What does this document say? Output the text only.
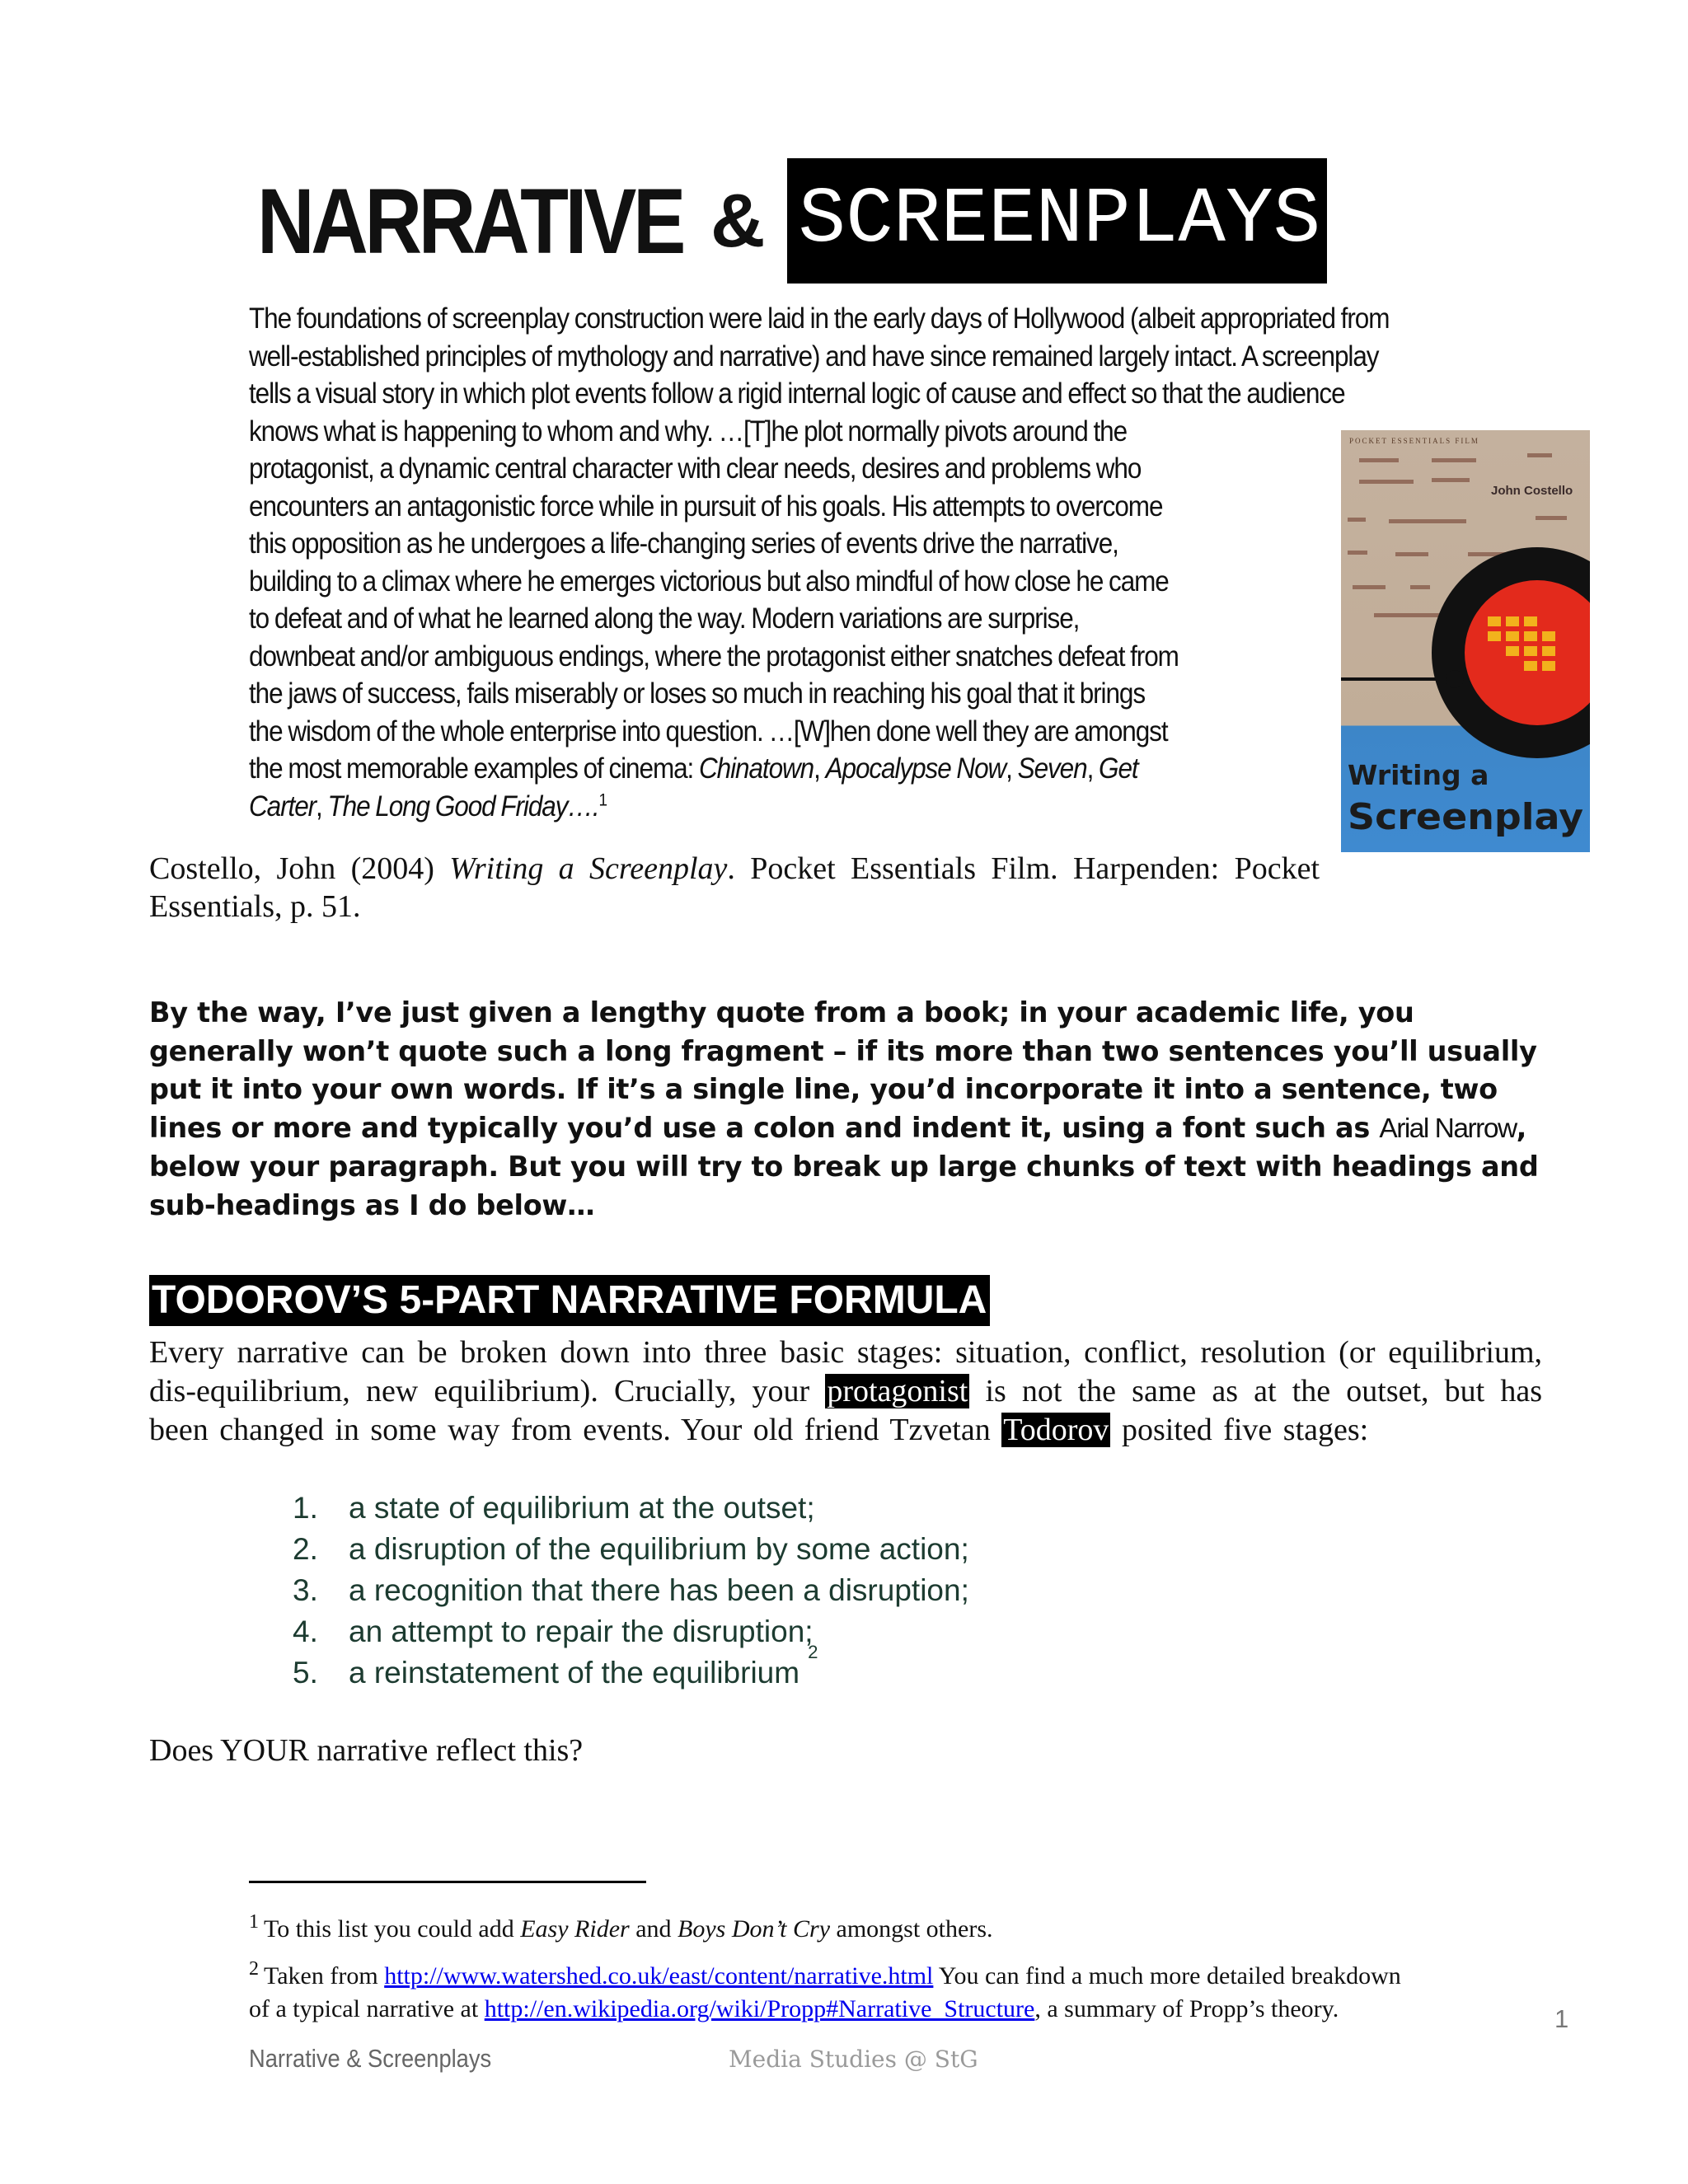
NARRATIVE & SCREENPLAYS
The foundations of screenplay construction were laid in the early days of Hollywood (albeit appropriated from
well-established principles of mythology and narrative) and have since remained largely intact. A screenplay
tells a visual story in which plot events follow a rigid internal logic of cause and effect so that the audience
knows what is happening to whom and why. …[T]he plot normally pivots around the
protagonist, a dynamic central character with clear needs, desires and problems who
encounters an antagonistic force while in pursuit of his goals. His attempts to overcome
this opposition as he undergoes a life-changing series of events drive the narrative,
building to a climax where he emerges victorious but also mindful of how close he came
to defeat and of what he learned along the way. Modern variations are surprise,
downbeat and/or ambiguous endings, where the protagonist either snatches defeat from
the jaws of success, fails miserably or loses so much in reaching his goal that it brings
the wisdom of the whole enterprise into question. …[W]hen done well they are amongst
the most memorable examples of cinema: Chinatown, Apocalypse Now, Seven, Get
Carter, The Long Good Friday….$^1$
POCKET ESSENTIALS FILM
John Costello
Writing a
Screenplay
Costello, John (2004) Writing a Screenplay. Pocket Essentials Film. Harpenden: Pocket
Essentials, p. 51.
By the way, I’ve just given a lengthy quote from a book; in your academic life, you generally won’t quote such a long fragment – if its more than two sentences you’ll usually put it into your own words. If it’s a single line, you’d incorporate it into a sentence, two lines or more and typically you’d use a colon and indent it, using a font such as Arial Narrow, below your paragraph. But you will try to break up large chunks of text with headings and sub-headings as I do below…
TODOROV’S 5-PART NARRATIVE FORMULA
Every narrative can be broken down into three basic stages: situation, conflict, resolution (or equilibrium,
dis-equilibrium, new equilibrium). Crucially, your protagonist is not the same as at the outset, but has
been changed in some way from events. Your old friend Tzvetan Todorov posited five stages:
1.	a state of equilibrium at the outset;
2.	a disruption of the equilibrium by some action;
3.	a recognition that there has been a disruption;
4.	an attempt to repair the disruption;
5.	a reinstatement of the equilibrium
2
Does YOUR narrative reflect this?
$^1$ To this list you could add Easy Rider and Boys Don’t Cry amongst others.
$^2$ Taken from http://www.watershed.co.uk/east/content/narrative.html You can find a much more detailed breakdown
of a typical narrative at http://en.wikipedia.org/wiki/Propp#Narrative_Structure, a summary of Propp’s theory.
Narrative & Screenplays	Media Studies @ StG
1
